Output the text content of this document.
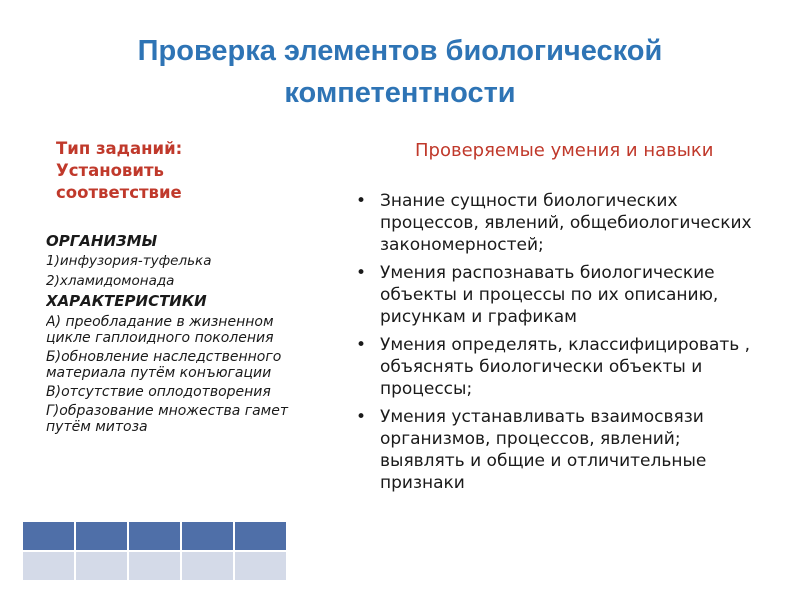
Проверка элементов биологической
компетентности
Тип заданий:
Установить
соответствие
ОРГАНИЗМЫ
1)инфузория-туфелька
2)хламидомонада
ХАРАКТЕРИСТИКИ
А) преобладание в жизненном цикле гаплоидного поколения
Б)обновление наследственного материала путём конъюгации
В)отсутствие оплодотворения
Г)образование множества гамет путём митоза

Проверяемые умения и навыки
• Знание сущности биологических процессов, явлений, общебиологических закономерностей;
• Умения распознавать биологические объекты и процессы по их описанию, рисункам и графикам
• Умения определять, классифицировать , объяснять биологически объекты и процессы;
• Умения устанавливать взаимосвязи организмов, процессов, явлений; выявлять и общие и отличительные признаки
